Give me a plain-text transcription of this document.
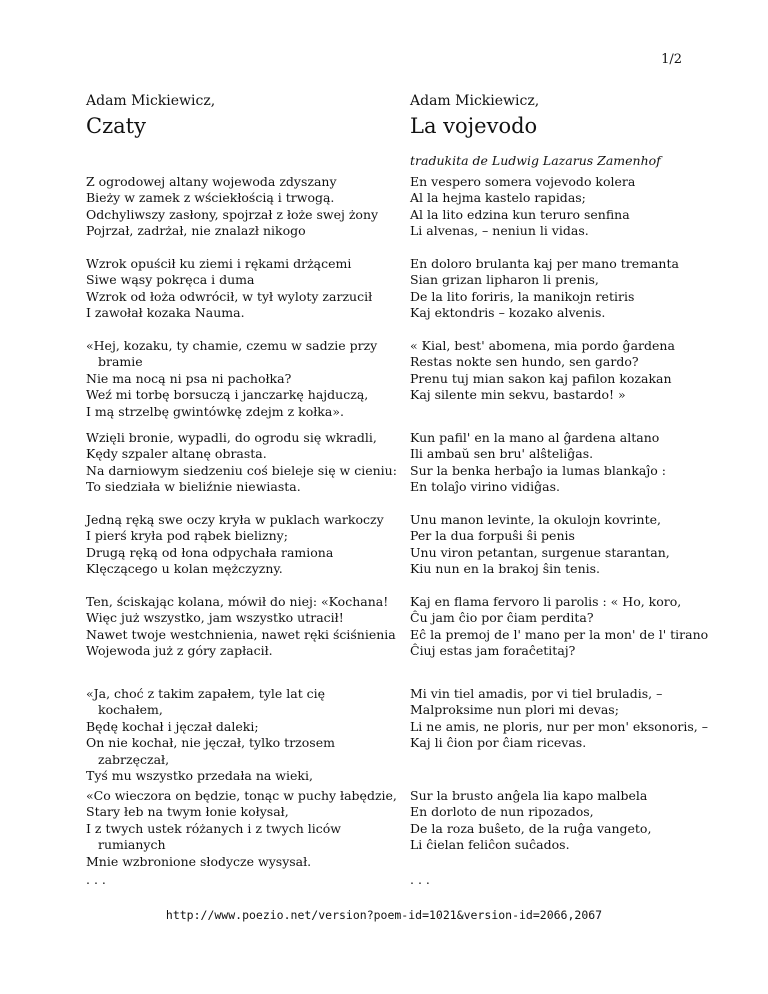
1/2
Adam Mickiewicz,
Czaty
Adam Mickiewicz,
La vojevodo
tradukita de Ludwig Lazarus Zamenhof
Z ogrodowej altany wojewoda zdyszany
Bieży w zamek z wściekłością i trwogą.
Odchyliwszy zasłony, spojrzał z łoże swej żony
Pojrzał, zadrżał, nie znalazł nikogo
Wzrok opuścił ku ziemi i rękami drżącemi
Siwe wąsy pokręca i duma
Wzrok od łoża odwrócił, w tył wyloty zarzucił
I zawołał kozaka Nauma.
«Hej, kozaku, ty chamie, czemu w sadzie przy bramie
Nie ma nocą ni psa ni pachołka?
Weź mi torbę borsuczą i janczarkę hajduczą,
I mą strzelbę gwintówkę zdejm z kołka».
Wzięli bronie, wypadli, do ogrodu się wkradli,
Kędy szpaler altanę obrasta.
Na darniowym siedzeniu coś bieleje się w cieniu:
To siedziała w bieliźnie niewiasta.
Jedną ręką swe oczy kryła w puklach warkoczy
I pierś kryła pod rąbek bielizny;
Drugą ręką od łona odpychała ramiona
Klęczącego u kolan mężczyzny.
Ten, ściskając kolana, mówił do niej: «Kochana!
Więc już wszystko, jam wszystko utracił!
Nawet twoje westchnienia, nawet ręki ściśnienia
Wojewoda już z góry zapłacił.
«Ja, choć z takim zapałem, tyle lat cię kochałem,
Będę kochał i jęczał daleki;
On nie kochał, nie jęczał, tylko trzosem zabrzęczał,
Tyś mu wszystko przedała na wieki,
«Co wieczora on będzie, tonąc w puchy łabędzie,
Stary łeb na twym łonie kołysał,
I z twych ustek różanych i z twych liców rumianych
Mnie wzbronione słodycze wysysał.
. . .
En vespero somera vojevodo kolera
Al la hejma kastelo rapidas;
Al la lito edzina kun teruro senfina
Li alvenas, – neniun li vidas.
En doloro brulanta kaj per mano tremanta
Sian grizan lipharon li prenis,
De la lito foriris, la manikojn retiris
Kaj ektondris – kozako alvenis.
« Kial, best' abomena, mia pordo ĝardena
Restas nokte sen hundo, sen gardo?
Prenu tuj mian sakon kaj pafilon kozakan
Kaj silente min sekvu, bastardo! »
Kun pafil' en la mano al ĝardena altano
Ili ambaŭ sen bru' alŝteliĝas.
Sur la benka herbaĵo ia lumas blankaĵo :
En tolaĵo virino vidiĝas.
Unu manon levinte, la okulojn kovrinte,
Per la dua forpuŝi ŝi penis
Unu viron petantan, surgenue starantan,
Kiu nun en la brakoj ŝin tenis.
Kaj en flama fervoro li parolis : « Ho, koro,
Ĉu jam ĉio por ĉiam perdita?
Eĉ la premoj de l' mano per la mon' de l' tirano
Ĉiuj estas jam foraĉetitaj?
Mi vin tiel amadis, por vi tiel bruladis, –
Malproksime nun plori mi devas;
Li ne amis, ne ploris, nur per mon' eksonoris, –
Kaj li ĉion por ĉiam ricevas.
Sur la brusto anĝela lia kapo malbela
En dorloto de nun ripozados,
De la roza buŝeto, de la ruĝa vangeto,
Li ĉielan feliĉon suĉados.
. . .
http://www.poezio.net/version?poem-id=1021&version-id=2066,2067
